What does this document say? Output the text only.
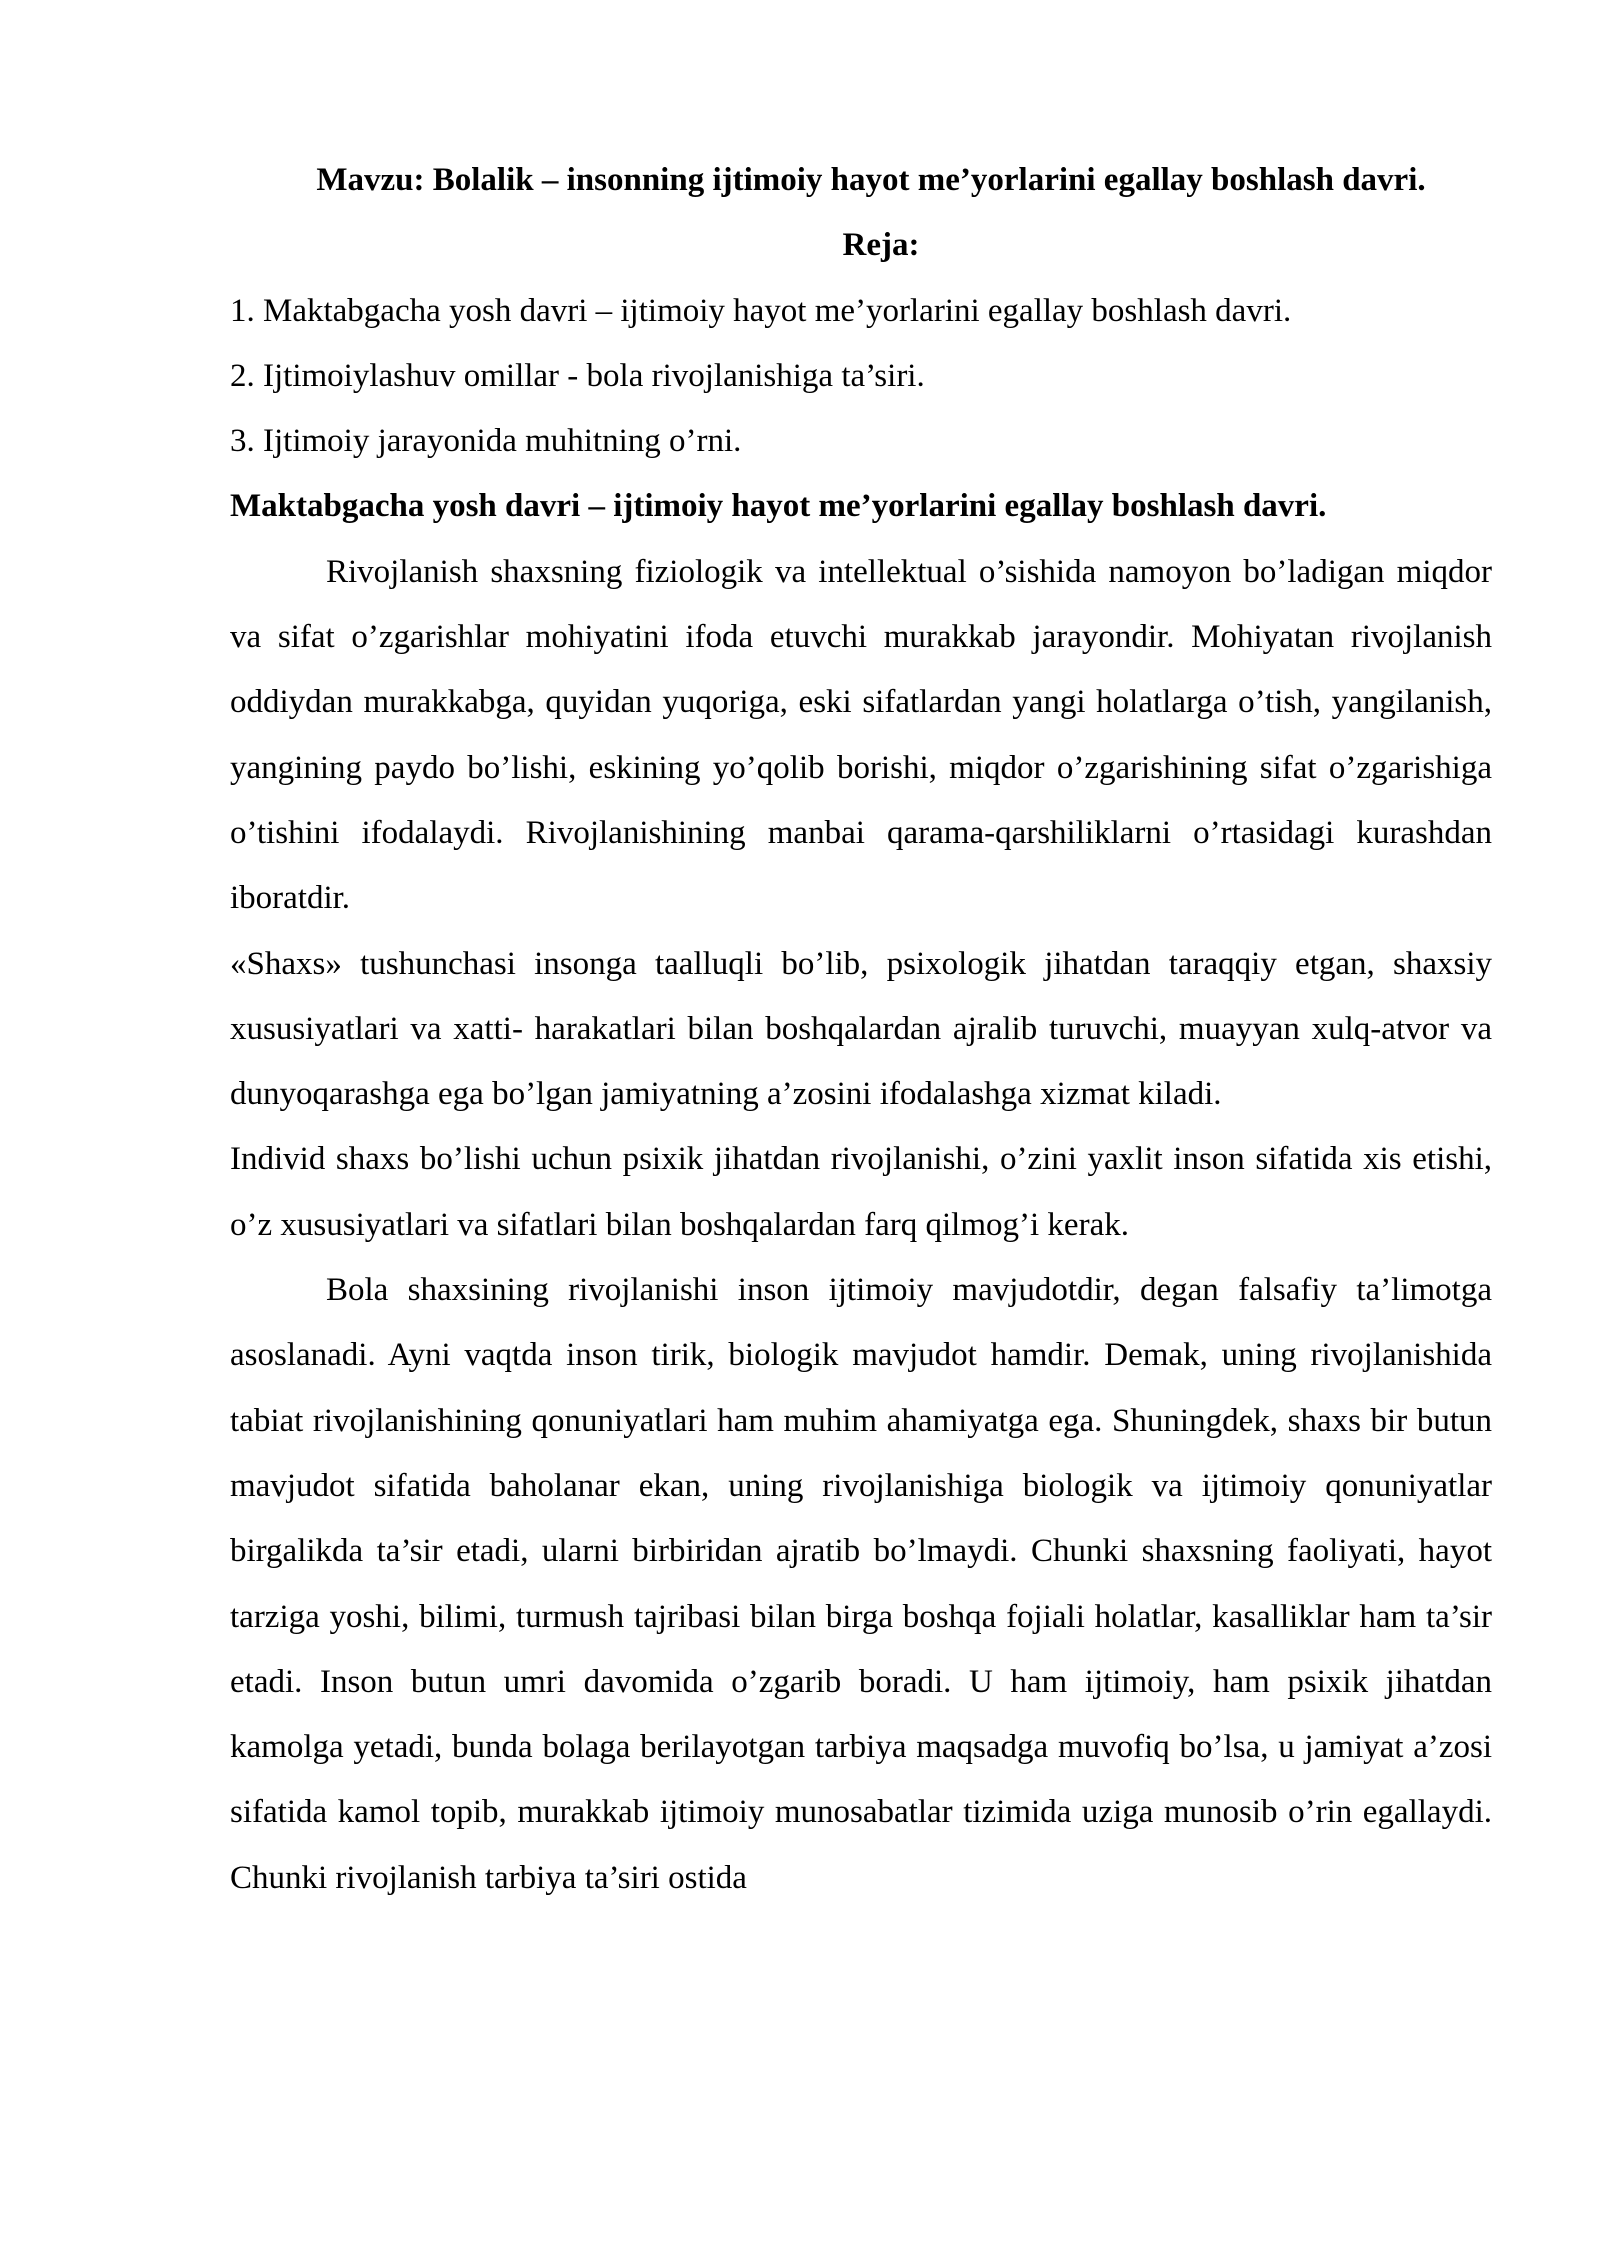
Mavzu: Bolalik – insonning ijtimoiy hayot me’yorlarini egallay boshlash davri.

Reja:

1. Maktabgacha yosh davri – ijtimoiy hayot me’yorlarini egallay boshlash davri.

2. Ijtimoiylashuv omillar - bola rivojlanishiga ta’siri.

3. Ijtimoiy jarayonida muhitning o’rni.

Maktabgacha yosh davri – ijtimoiy hayot me’yorlarini egallay boshlash davri.

Rivojlanish shaxsning fiziologik va intellektual o’sishida namoyon bo’ladigan miqdor va sifat o’zgarishlar mohiyatini ifoda etuvchi murakkab jarayondir. Mohiyatan rivojlanish oddiydan murakkabga, quyidan yuqoriga, eski sifatlardan yangi holatlarga o’tish, yangilanish, yangining paydo bo’lishi, eskining yo’qolib borishi, miqdor o’zgarishining sifat o’zgarishiga o’tishini ifodalaydi. Rivojlanishining manbai qarama-qarshiliklarni o’rtasidagi kurashdan iboratdir.

«Shaxs» tushunchasi insonga taalluqli bo’lib, psixologik jihatdan taraqqiy etgan, shaxsiy xususiyatlari va xatti- harakatlari bilan boshqalardan ajralib turuvchi, muayyan xulq-atvor va dunyoqarashga ega bo’lgan jamiyatning a’zosini ifodalashga xizmat kiladi.

Individ shaxs bo’lishi uchun psixik jihatdan rivojlanishi, o’zini yaxlit inson sifatida xis etishi, o’z xususiyatlari va sifatlari bilan boshqalardan farq qilmog’i kerak.

Bola shaxsining rivojlanishi inson ijtimoiy mavjudotdir, degan falsafiy ta’limotga asoslanadi. Ayni vaqtda inson tirik, biologik mavjudot hamdir. Demak, uning rivojlanishida tabiat rivojlanishining qonuniyatlari ham muhim ahamiyatga ega. Shuningdek, shaxs bir butun mavjudot sifatida baholanar ekan, uning rivojlanishiga biologik va ijtimoiy qonuniyatlar birgalikda ta’sir etadi, ularni birbiridan ajratib bo’lmaydi. Chunki shaxsning faoliyati, hayot tarziga yoshi, bilimi, turmush tajribasi bilan birga boshqa fojiali holatlar, kasalliklar ham ta’sir etadi. Inson butun umri davomida o’zgarib boradi. U ham ijtimoiy, ham psixik jihatdan kamolga yetadi, bunda bolaga berilayotgan tarbiya maqsadga muvofiq bo’lsa, u jamiyat a’zosi sifatida kamol topib, murakkab ijtimoiy munosabatlar tizimida uziga munosib o’rin egallaydi. Chunki rivojlanish tarbiya ta’siri ostida
